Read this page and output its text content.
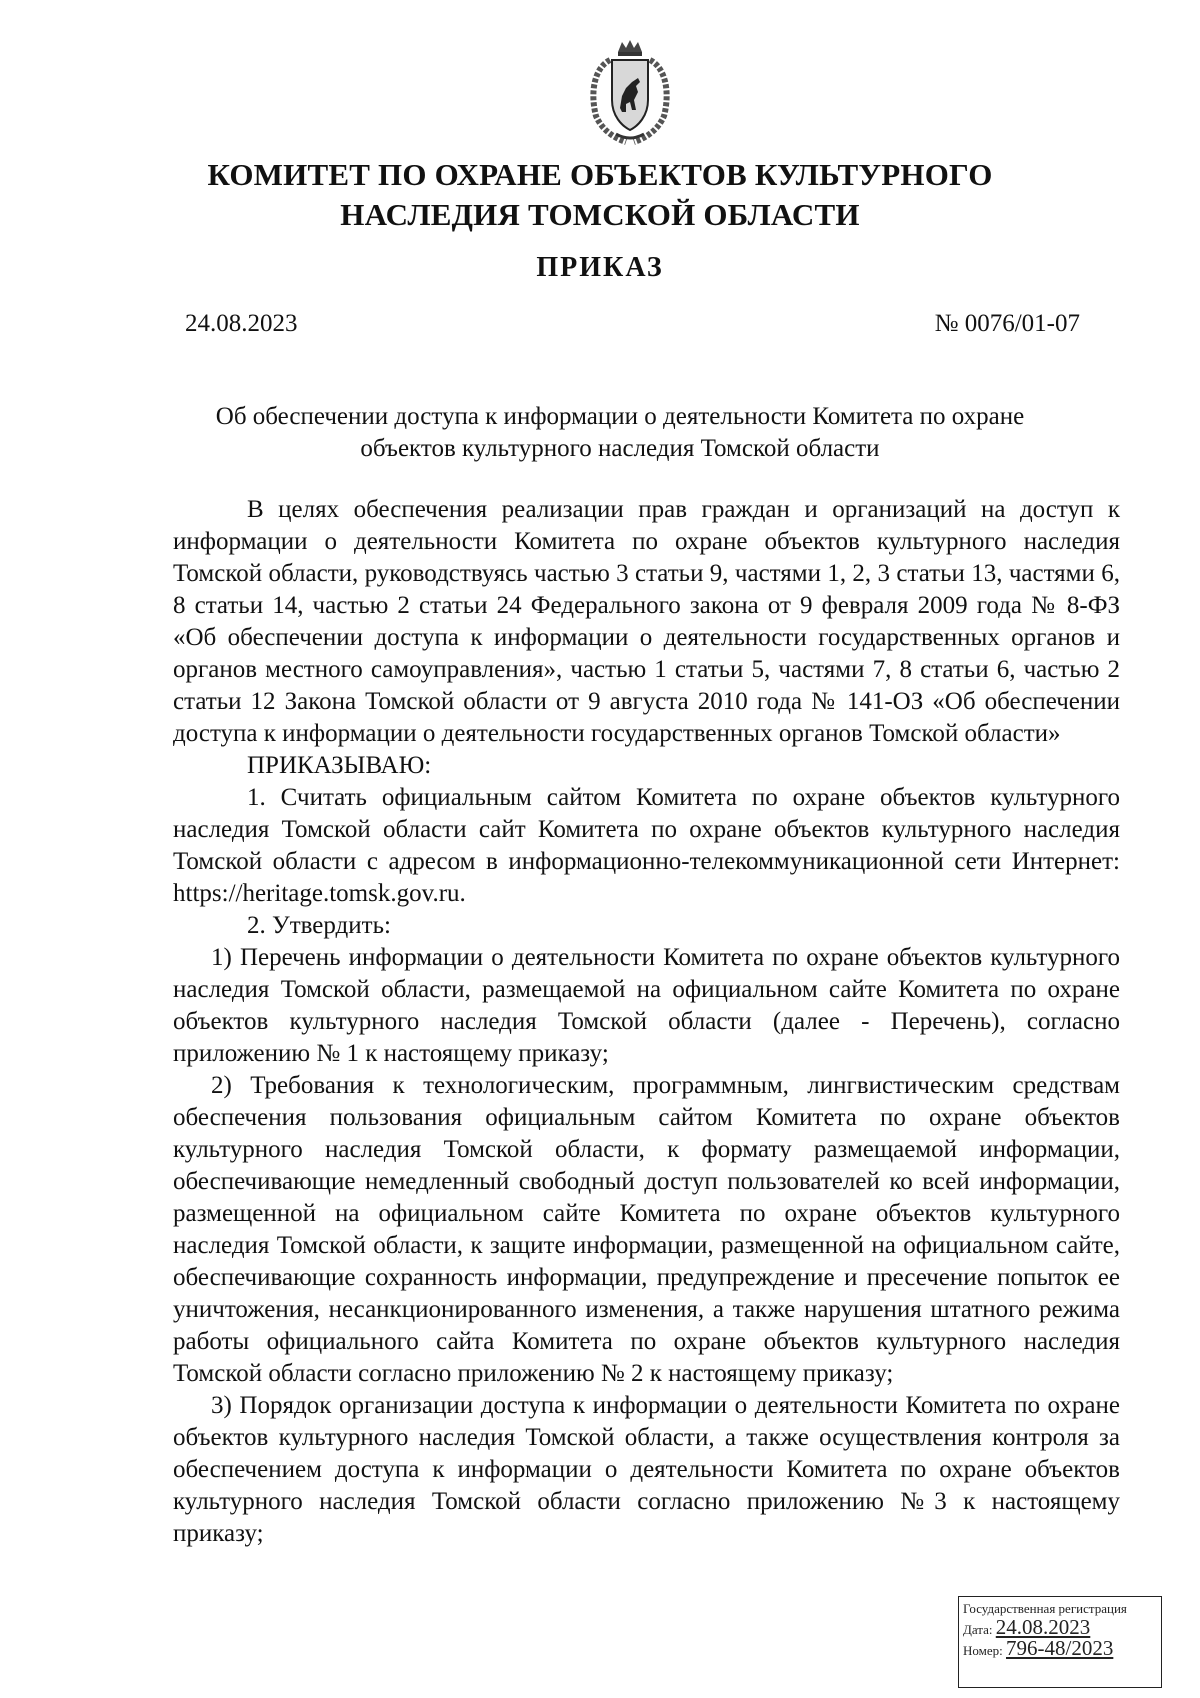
КОМИТЕТ ПО ОХРАНЕ ОБЪЕКТОВ КУЛЬТУРНОГО
НАСЛЕДИЯ ТОМСКОЙ ОБЛАСТИ
ПРИКАЗ
24.08.2023	№ 0076/01-07
Об обеспечении доступа к информации о деятельности Комитета по охране
объектов культурного наследия Томской области

В целях обеспечения реализации прав граждан и организаций на доступ к информации о деятельности Комитета по охране объектов культурного наследия Томской области, руководствуясь частью 3 статьи 9, частями 1, 2, 3 статьи 13, частями 6, 8 статьи 14, частью 2 статьи 24 Федерального закона от 9 февраля 2009 года № 8-ФЗ «Об обеспечении доступа к информации о деятельности государственных органов и органов местного самоуправления», частью 1 статьи 5, частями 7, 8 статьи 6, частью 2 статьи 12 Закона Томской области от 9 августа 2010 года № 141-ОЗ «Об обеспечении доступа к информации о деятельности государственных органов Томской области»

ПРИКАЗЫВАЮ:

1. Считать официальным сайтом Комитета по охране объектов культурного наследия Томской области сайт Комитета по охране объектов культурного наследия Томской области с адресом в информационно-телекоммуникационной сети Интернет: https://heritage.tomsk.gov.ru.

2. Утвердить:

1) Перечень информации о деятельности Комитета по охране объектов культурного наследия Томской области, размещаемой на официальном сайте Комитета по охране объектов культурного наследия Томской области (далее - Перечень), согласно приложению № 1 к настоящему приказу;

2) Требования к технологическим, программным, лингвистическим средствам обеспечения пользования официальным сайтом Комитета по охране объектов культурного наследия Томской области, к формату размещаемой информации, обеспечивающие немедленный свободный доступ пользователей ко всей информации, размещенной на официальном сайте Комитета по охране объектов культурного наследия Томской области, к защите информации, размещенной на официальном сайте, обеспечивающие сохранность информации, предупреждение и пресечение попыток ее уничтожения, несанкционированного изменения, а также нарушения штатного режима работы официального сайта Комитета по охране объектов культурного наследия Томской области согласно приложению № 2 к настоящему приказу;

3) Порядок организации доступа к информации о деятельности Комитета по охране объектов культурного наследия Томской области, а также осуществления контроля за обеспечением доступа к информации о деятельности Комитета по охране объектов культурного наследия Томской области согласно приложению №3 к настоящему приказу;

Государственная регистрация
Дата: 24.08.2023
Номер: 796-48/2023
